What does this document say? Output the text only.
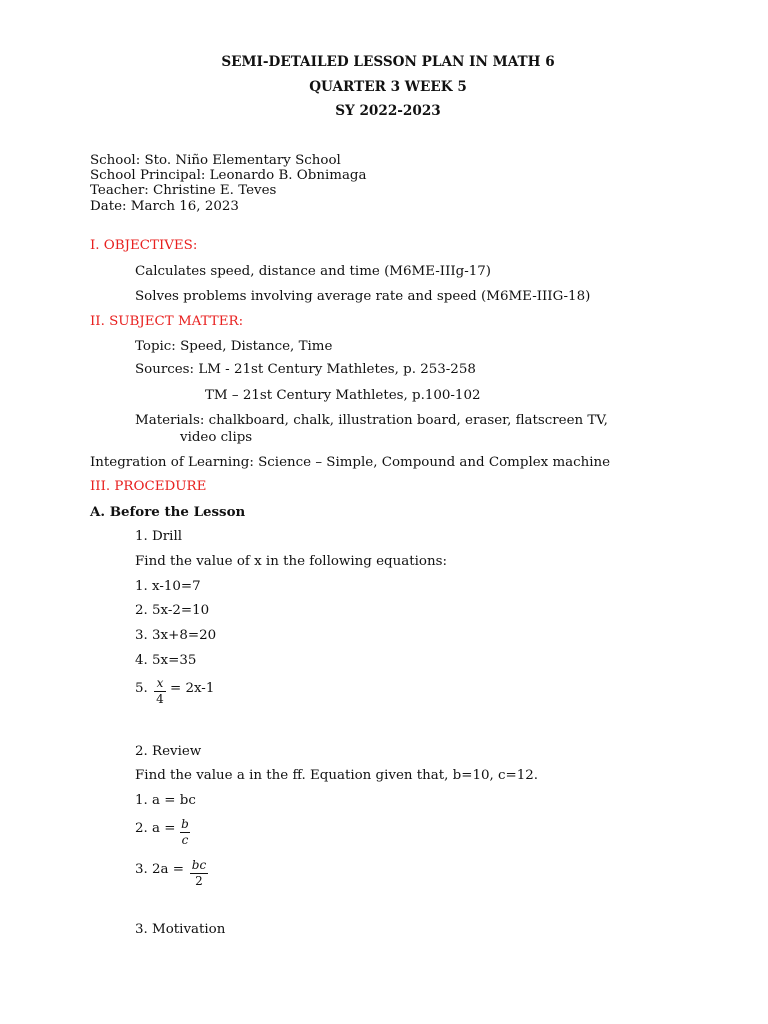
SEMI-DETAILED LESSON PLAN IN MATH 6
QUARTER 3 WEEK 5
SY 2022-2023
School: Sto. Niño Elementary School
School Principal: Leonardo B. Obnimaga
Teacher: Christine E. Teves
Date: March 16, 2023
I. OBJECTIVES:
Calculates speed, distance and time (M6ME-IIIg-17)
Solves problems involving average rate and speed (M6ME-IIIG-18)
II. SUBJECT MATTER:
Topic: Speed, Distance, Time
Sources: LM - 21st Century Mathletes, p. 253-258
TM – 21st Century Mathletes, p.100-102
Materials: chalkboard, chalk, illustration board, eraser, flatscreen TV,
video clips
Integration of Learning: Science – Simple, Compound and Complex machine
III. PROCEDURE
A. Before the Lesson
1. Drill
Find the value of x in the following equations:
1. x-10=7
2. 5x-2=10
3. 3x+8=20
4. 5x=35
5. x
4
= 2x-1
2. Review
Find the value a in the ff. Equation given that, b=10, c=12.
1. a = bc
2. a = b
c
3. 2a = bc
2
3. Motivation
